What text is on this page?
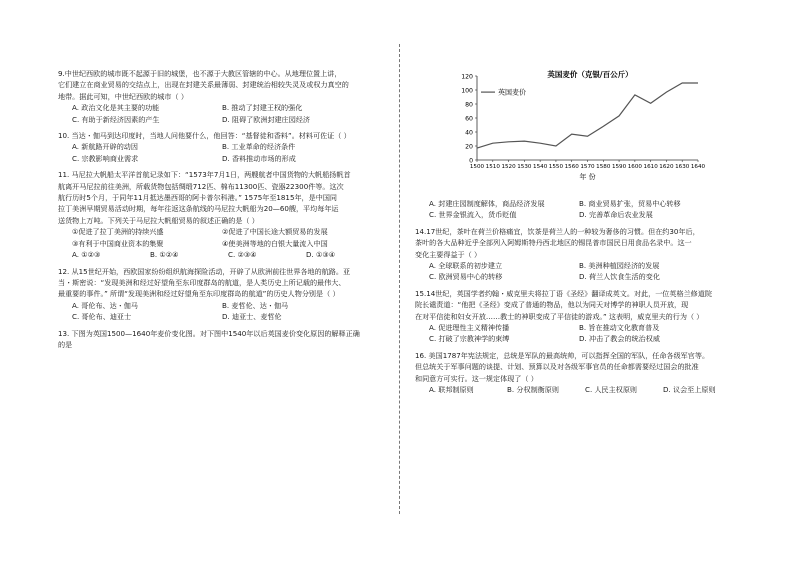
9.中世纪西欧的城市既不起源于旧的城堡，也不源于大教区管辖的中心。从地理位置上讲，
它们建立在商业贸易的交结点上，出现在封建关系最薄弱、封建统治相较失灵及或权力真空的
地带。据此可知，中世纪西欧的城市（ ）
A. 政治文化是其主要的功能	B. 推动了封建王权的强化
C. 有助于新经济因素的产生	D. 阻碍了欧洲封建庄园经济
10. 当达・伽马到达印度时，当地人问他要什么，他回答：“基督徒和香料”。材料可佐证（ ）
A. 新航路开辟的动因	B. 工业革命的经济条件
C. 宗教影响商业需求	D. 香料推动市场的形成
11. 马尼拉大帆船太平洋首航记录如下：“1573年7月1日，两艘航者中国货物的大帆船扬帆首
航离开马尼拉前往美洲，所载货物包括绸缎712匹、棉布11300匹、瓷器22300件等。这次
航行历时5个月，于同年11月抵达墨西哥的阿卡普尔科港。” 1575年至1815年，是中国同
拉丁美洲早期贸易活动时期，每年往返这条航线的马尼拉大帆船为20—60艘，平均每年运
送货物上万吨。下列关于马尼拉大帆船贸易的叙述正确的是（ ）
①促进了拉丁美洲的持续兴盛	②促进了中国长途大额贸易的发展
③有利于中国商业资本的集聚	④使美洲等地的白银大量流入中国
A. ①②③	B. ①②④	C. ②③④	D. ①③④
12. 从15世纪开始，西欧国家纷纷组织航海探险活动，开辟了从欧洲前往世界各地的航路。亚
当・斯密说：“发现美洲和经过好望角至东印度群岛的航道，是人类历史上所记载的最伟大、
最重要的事件。” 所谓“发现美洲和经过好望角至东印度群岛的航道”的历史人物分别是（ ）
A. 哥伦布、达・伽马	B. 麦哲伦、达・伽马
C. 哥伦布、迪亚士	D. 迪亚士、麦哲伦
13. 下图为英国1500—1640年麦价变化图。对下图中1540年以后英国麦价变化原因的解释正确
的是
英国麦价（克银/百公斤）
0
20
40
60
80
100
120
1500 1510 1520 1530 1540 1550 1560 1570 1580 1590 1600 1610 1620 1630 1640
英国麦价
年 份
A. 封建庄园制度解体，商品经济发展	B. 商业贸易扩张，贸易中心转移
C. 世界金银流入，货币贬值	D. 完善革命后农业发展
14.17世纪，茶叶在荷兰价格痛宜，饮茶是荷兰人的一种较为奢侈的习惯。但在约30年后，
茶叶的各大品种近乎全部列入阿姆斯特丹西北地区的锡昆普市国民日用食品名录中。这一
变化主要得益于（ ）
A. 全球联系的初步建立	B. 美洲种植园经济的发展
C. 欧洲贸易中心的转移	D. 荷兰人饮食生活的变化
15.14世纪，英国学者约翰・威克里夫将拉丁语《圣经》翻译成英文。对此，一位英格兰修道院
院长谴责道：“他把《圣经》变成了普通的物品，他以为同天对博学的神职人员开放，现
在对平信徒和妇女开放……教士的神职变成了平信徒的游戏。” 这表明，威克里夫的行为（ ）
A. 促进理性主义精神传播	B. 旨在推动文化教育普及
C. 打破了宗教神学的束缚	D. 冲击了教会的统治权威
16. 美国1787年宪法规定，总统是军队的最高统帅，可以指挥全国的军队，任命各级军官等。
但总统关于军事问题的谈提、计划、预算以及对各级军事官员的任命都需要经过国会的批准
和同意方可实行。这一规定体现了（ ）
A. 联邦制原则	B. 分权制衡原则	C. 人民主权原则	D. 议会至上原则
